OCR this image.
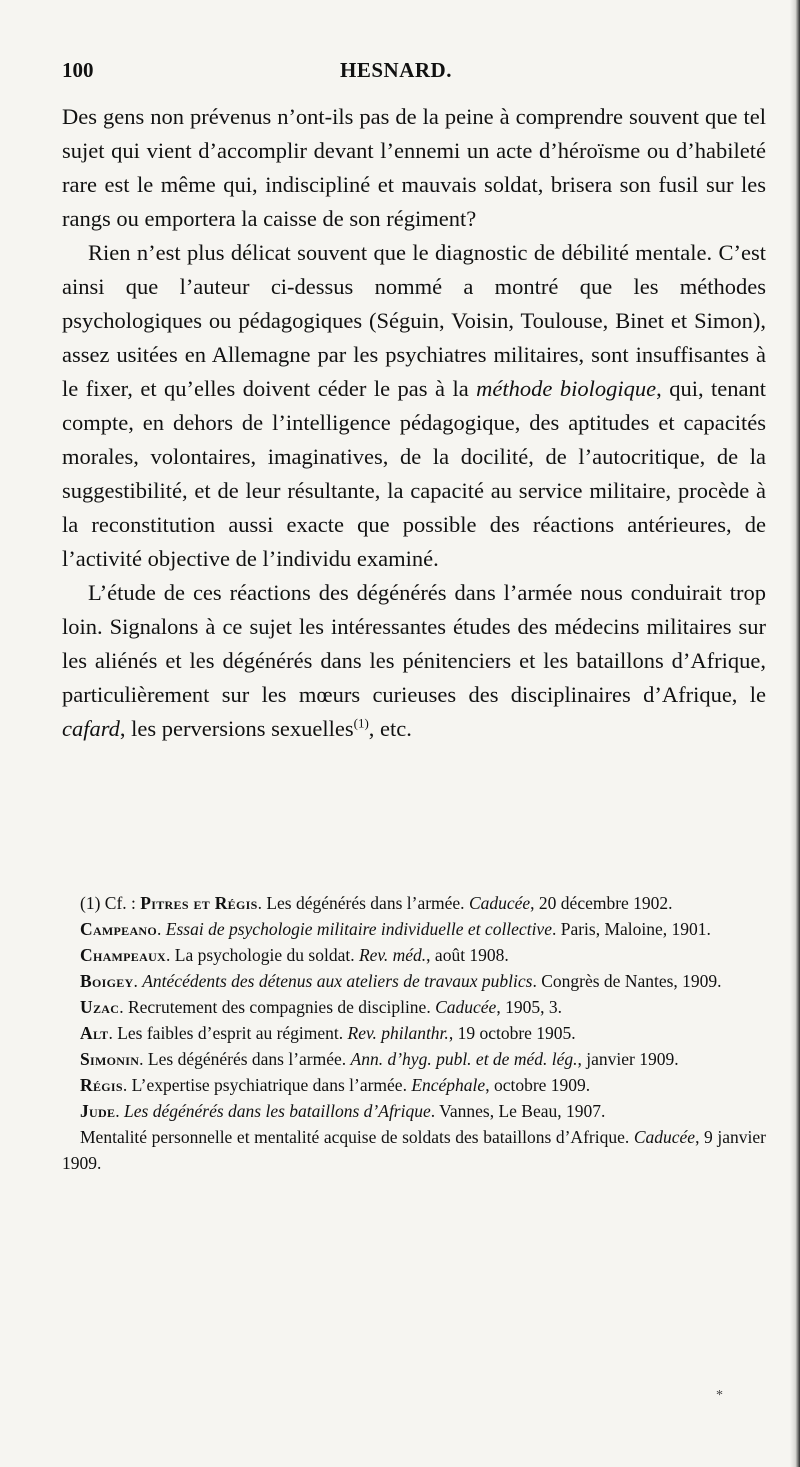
100	HESNARD.

Des gens non prévenus n’ont-ils pas de la peine à comprendre souvent que tel sujet qui vient d’accomplir devant l’ennemi un acte d’héroïsme ou d’habileté rare est le même qui, indiscipliné et mauvais soldat, brisera son fusil sur les rangs ou emportera la caisse de son régiment?

Rien n’est plus délicat souvent que le diagnostic de débilité mentale. C’est ainsi que l’auteur ci-dessus nommé a montré que les méthodes psychologiques ou pédagogiques (Séguin, Voisin, Toulouse, Binet et Simon), assez usitées en Allemagne par les psychiatres militaires, sont insuffisantes à le fixer, et qu’elles doivent céder le pas à la méthode biologique, qui, tenant compte, en dehors de l’intelligence pédagogique, des aptitudes et capacités morales, volontaires, imaginatives, de la docilité, de l’autocritique, de la suggestibilité, et de leur résultante, la capacité au service militaire, procède à la reconstitution aussi exacte que possible des réactions antérieures, de l’activité objective de l’individu examiné.

L’étude de ces réactions des dégénérés dans l’armée nous conduirait trop loin. Signalons à ce sujet les intéressantes études des médecins militaires sur les aliénés et les dégénérés dans les pénitenciers et les bataillons d’Afrique, particulièrement sur les mœurs curieuses des disciplinaires d’Afrique, le cafard, les perversions sexuelles$^{(1)}$, etc.

(1) Cf. : Pitres et Régis. Les dégénérés dans l’armée. Caducée, 20 décembre 1902.

Campeano. Essai de psychologie militaire individuelle et collective. Paris, Maloine, 1901.

Champeaux. La psychologie du soldat. Rev. méd., août 1908.

Boigey. Antécédents des détenus aux ateliers de travaux publics. Congrès de Nantes, 1909.

Uzac. Recrutement des compagnies de discipline. Caducée, 1905, 3.

Alt. Les faibles d’esprit au régiment. Rev. philanthr., 19 octobre 1905.

Simonin. Les dégénérés dans l’armée. Ann. d’hyg. publ. et de méd. lég., janvier 1909.

Régis. L’expertise psychiatrique dans l’armée. Encéphale, octobre 1909.

Jude. Les dégénérés dans les bataillons d’Afrique. Vannes, Le Beau, 1907.

Mentalité personnelle et mentalité acquise de soldats des bataillons d’Afrique. Caducée, 9 janvier 1909.

*
